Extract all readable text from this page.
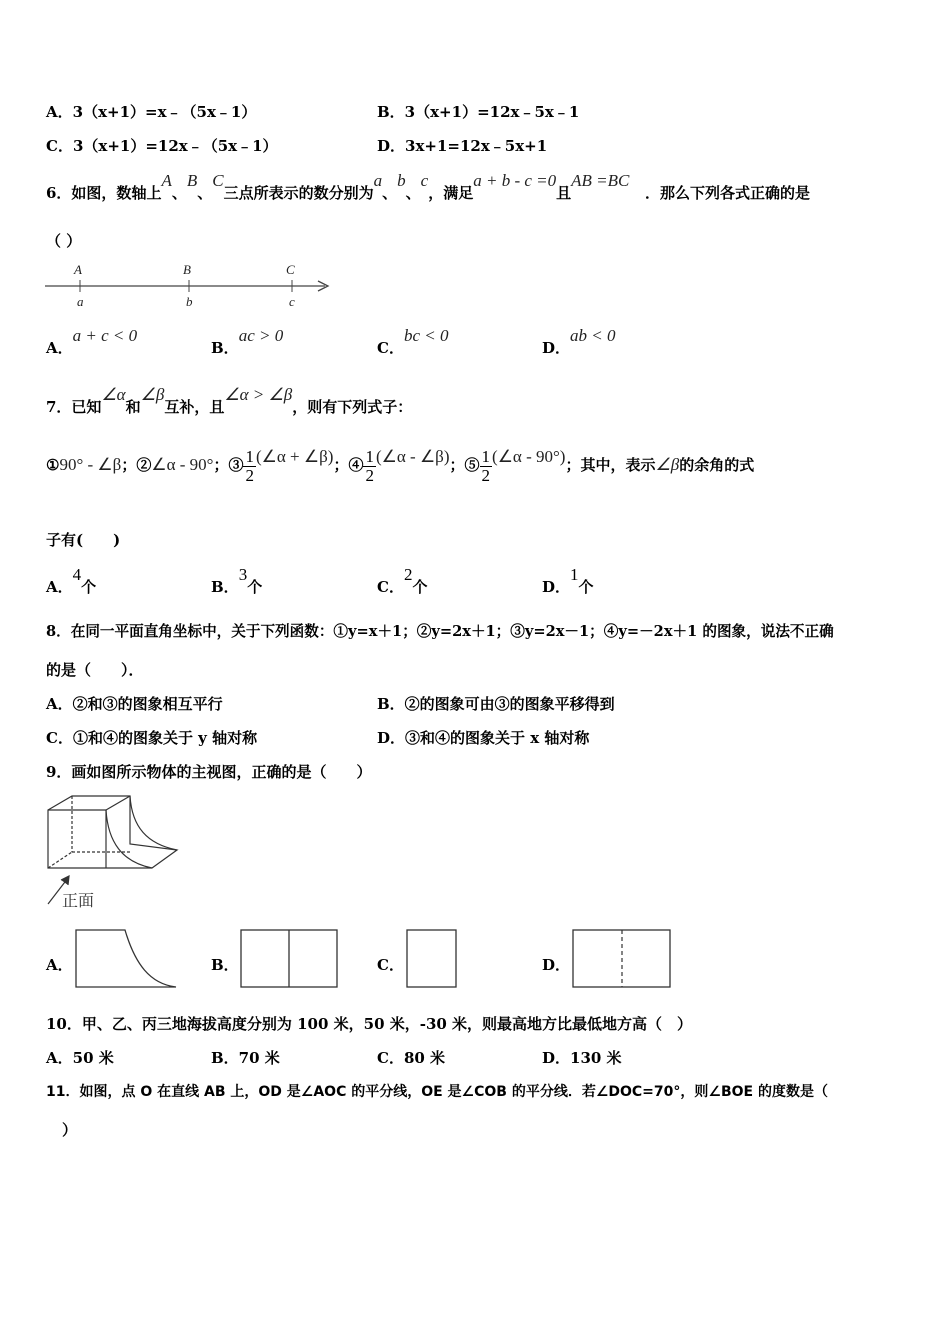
A．3（x+1）=x﹣（5x﹣1）	B．3（x+1）=12x﹣5x﹣1
C．3（x+1）=12x﹣（5x﹣1）	D．3x+1=12x﹣5x+1
6．如图，数轴上A、B、C三点所表示的数分别为a、b、c，满足a + b - c =0且AB =BC   ．那么下列各式正确的是
（ ）
A	B	C
a	b	c
A．a + c < 0
B．ac > 0
C．bc < 0
D．ab < 0
7．已知∠α和∠β互补，且∠α > ∠β，则有下列式子：
①90° - ∠β；②∠α - 90°；③ $\frac{1}{2}$ (∠α + ∠β)；④ $\frac{1}{2}$ (∠α - ∠β)；⑤ $\frac{1}{2}$ (∠α - 90°)；其中，表示∠β的余角的式
子有(　　)
A．4个	B．3个	C．2个	D．1个
8．在同一平面直角坐标中，关于下列函数：①y=x＋1；②y=2x＋1；③y=2x－1；④y=－2x＋1 的图象，说法不正确
的是（　　）．
A．②和③的图象相互平行	B．②的图象可由③的图象平移得到
C．①和④的图象关于 y 轴对称	D．③和④的图象关于 x 轴对称
9．画如图所示物体的主视图，正确的是（　　）
正面
A．	B．	C．	D．
10．甲、乙、丙三地海拔高度分别为 100 米，50 米，-30 米，则最高地方比最低地方高（　）
A．50 米	B．70 米	C．80 米	D．130 米
11．如图，点 O 在直线 AB 上，OD 是∠AOC 的平分线，OE 是∠COB 的平分线．若∠DOC=70°，则∠BOE 的度数是（
）
